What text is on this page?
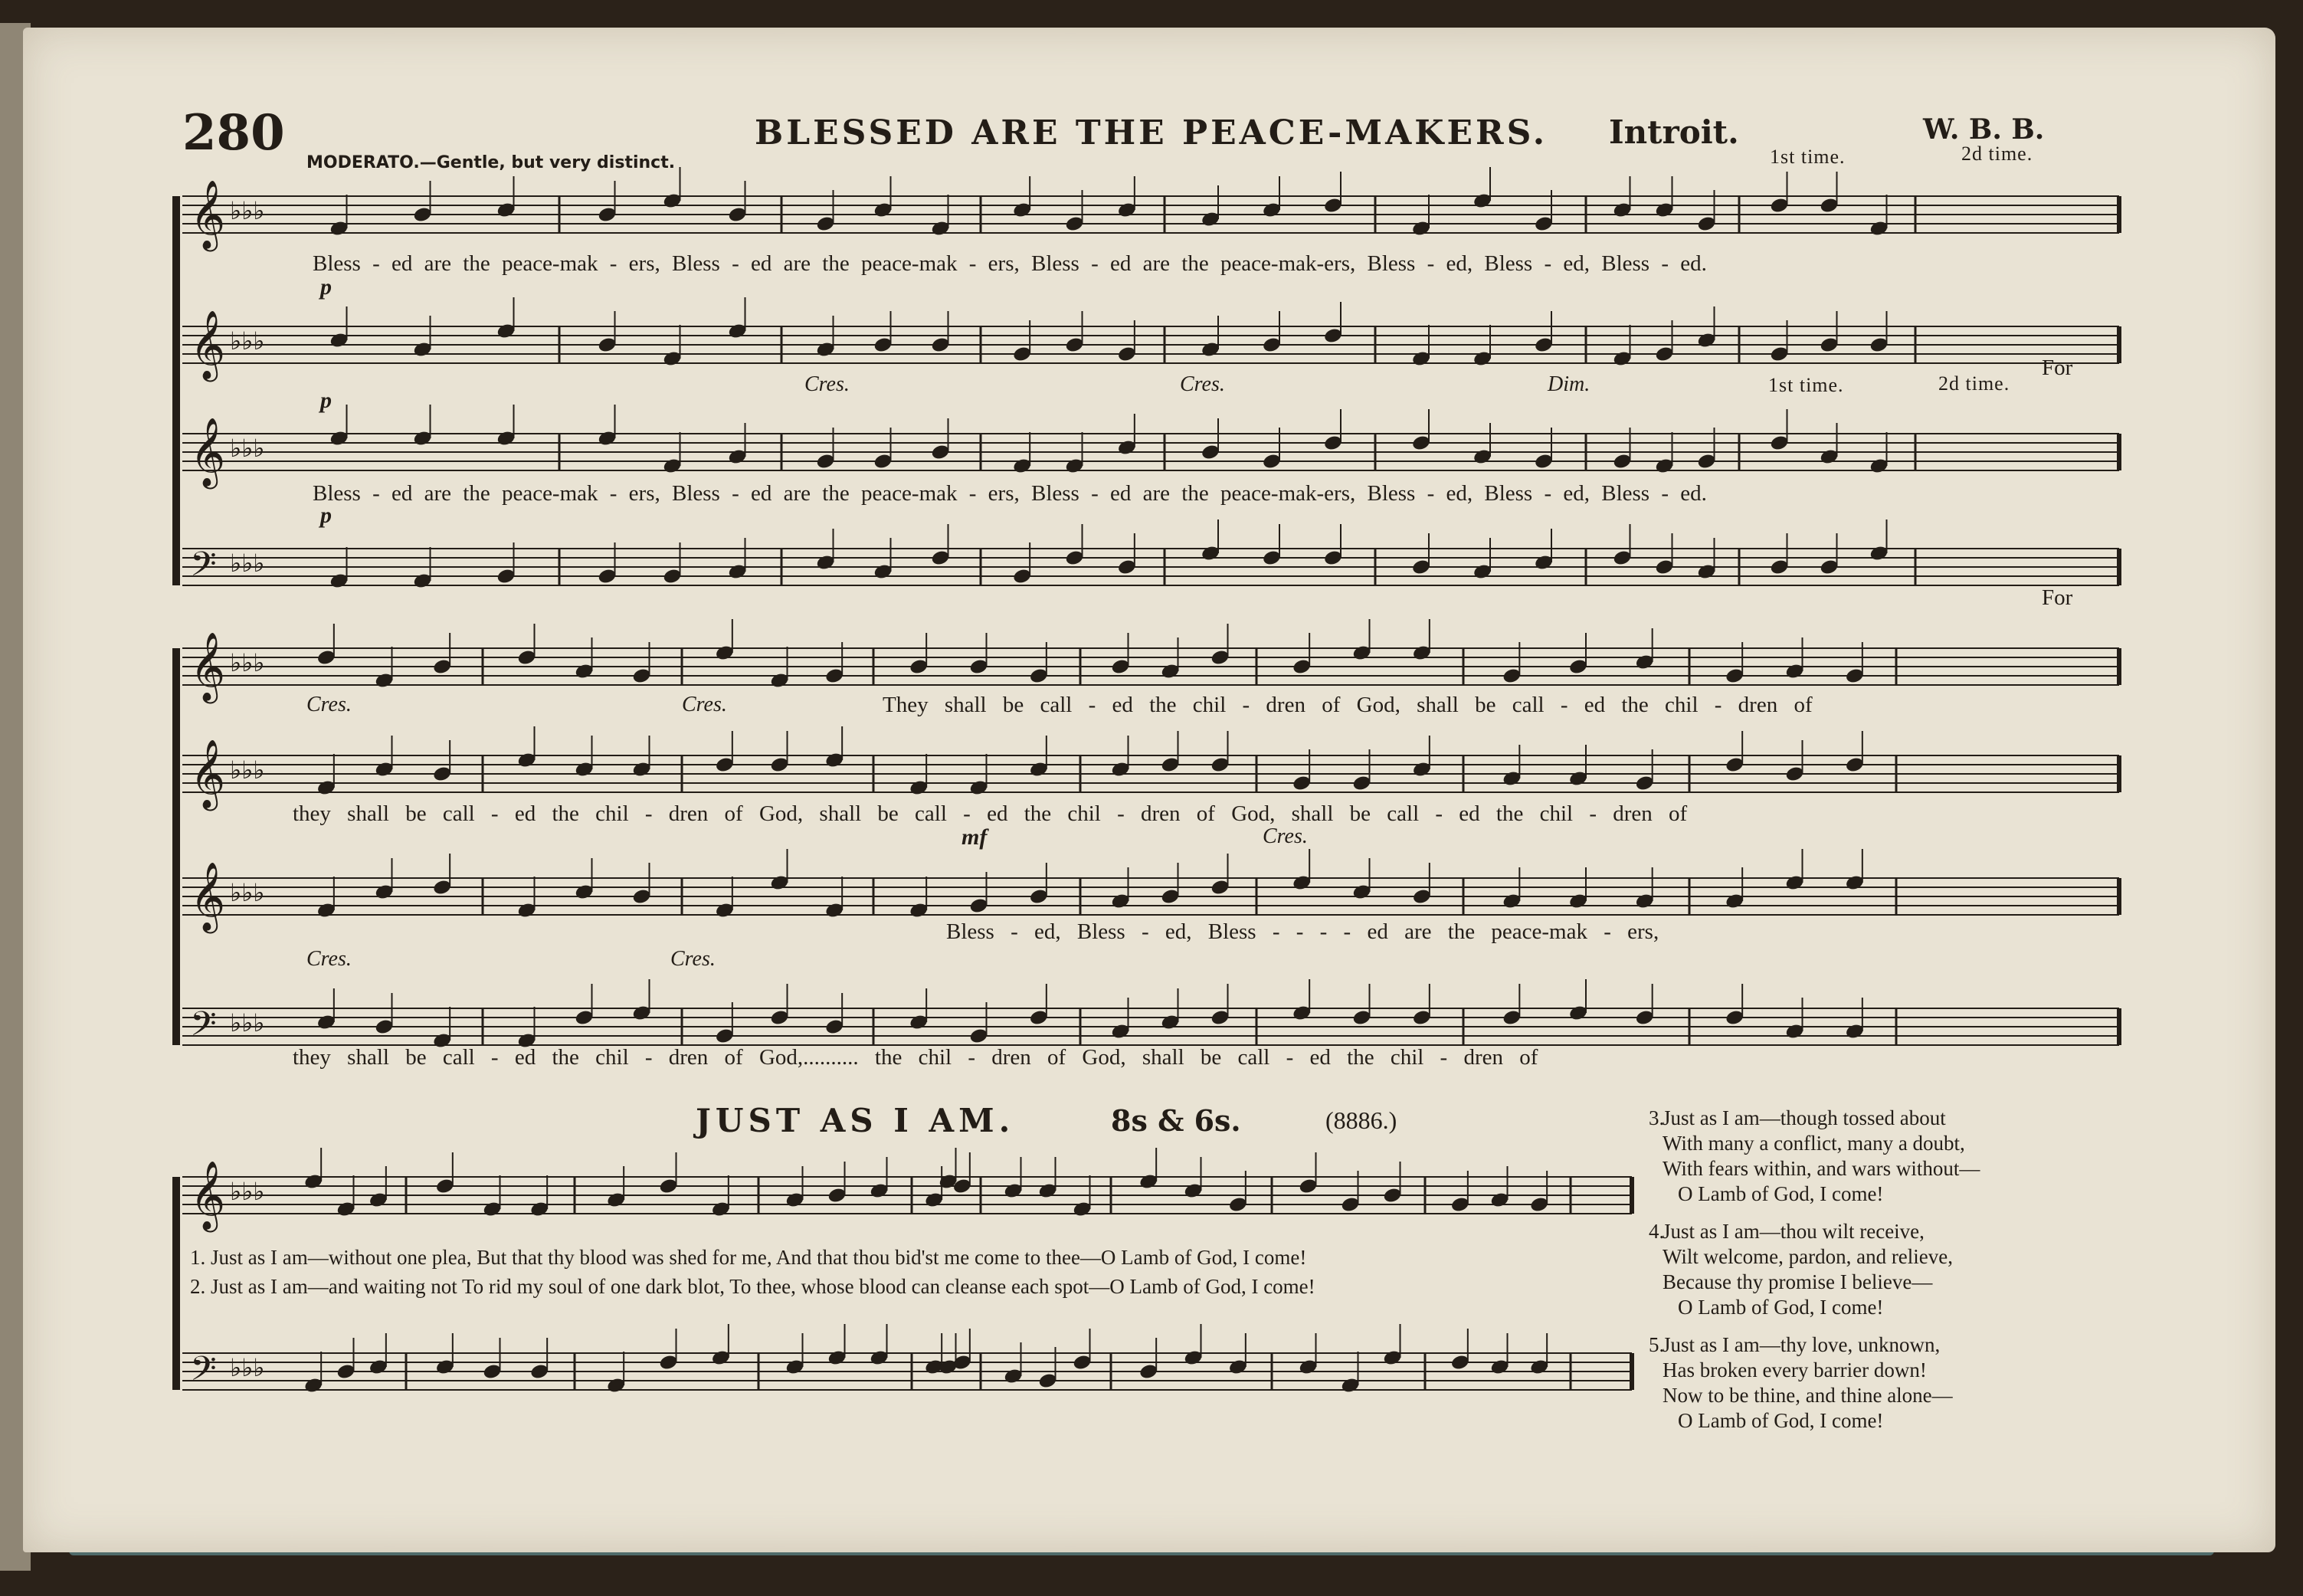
𝄞 ♭♭♭
𝄞 ♭♭♭
𝄞 ♭♭♭
𝄢 ♭♭♭
𝄞 ♭♭♭
𝄞 ♭♭♭
𝄞 ♭♭♭
𝄢 ♭♭♭
𝄞 ♭♭♭
𝄢 ♭♭♭
280	BLESSED ARE THE PEACE-MAKERS. Introit.	W. B. B.
MODERATO.—Gentle, but very distinct.	1st time.	2d time.
Bless - ed are the peace-mak - ers, Bless - ed are the peace-mak - ers, Bless - ed are the peace-mak-ers, Bless - ed, Bless - ed, Bless - ed.
p
Cres.	Cres.	Dim.	1st time.	2d time.
For
p
Bless - ed are the peace-mak - ers, Bless - ed are the peace-mak - ers, Bless - ed are the peace-mak-ers, Bless - ed, Bless - ed, Bless - ed.
p
For
Cres.	Cres.	They shall be call - ed the chil - dren of God, shall be call - ed the chil - dren of
they shall be call - ed the chil - dren of God, shall be call - ed the chil - dren of God, shall be call - ed the chil - dren of
mf	Cres.
Bless - ed, Bless - ed, Bless - - - - ed are the peace-mak - ers,
Cres.	Cres.
they shall be call - ed the chil - dren of God,.......... the chil - dren of God, shall be call - ed the chil - dren of
JUST AS I AM.	8s & 6s.	(8886.)
1. Just as I am—without one plea, But that thy blood was shed for me, And that thou bid'st me come to thee—O Lamb of God, I come!
2. Just as I am—and waiting not To rid my soul of one dark blot, To thee, whose blood can cleanse each spot—O Lamb of God, I come!
3.
Just as I am—though tossed about
With many a conflict, many a doubt,
With fears within, and wars without—
O Lamb of God, I come!
4.
Just as I am—thou wilt receive,
Wilt welcome, pardon, and relieve,
Because thy promise I believe—
O Lamb of God, I come!
5.
Just as I am—thy love, unknown,
Has broken every barrier down!
Now to be thine, and thine alone—
O Lamb of God, I come!
